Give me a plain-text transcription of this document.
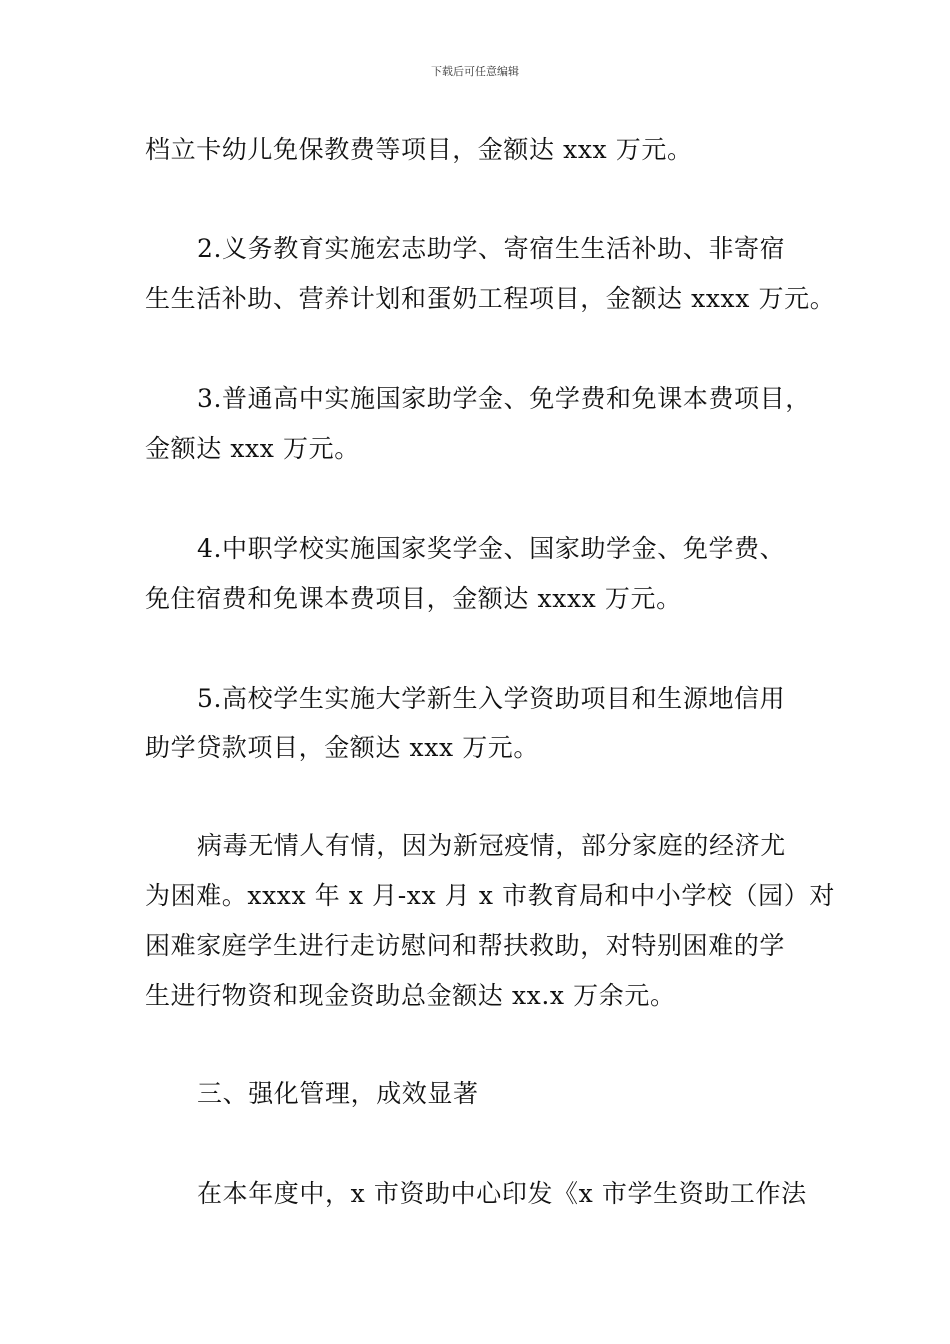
下载后可任意编辑
档立卡幼儿免保教费等项目，金额达 xxx 万元。
2.义务教育实施宏志助学、寄宿生生活补助、非寄宿
生生活补助、营养计划和蛋奶工程项目，金额达 xxxx 万元。
3.普通高中实施国家助学金、免学费和免课本费项目，
金额达 xxx 万元。
4.中职学校实施国家奖学金、国家助学金、免学费、
免住宿费和免课本费项目，金额达 xxxx 万元。
5.高校学生实施大学新生入学资助项目和生源地信用
助学贷款项目，金额达 xxx 万元。
病毒无情人有情，因为新冠疫情，部分家庭的经济尤
为困难。xxxx 年 x 月-xx 月 x 市教育局和中小学校（园）对
困难家庭学生进行走访慰问和帮扶救助，对特别困难的学
生进行物资和现金资助总金额达 xx.x 万余元。
三、强化管理，成效显著
在本年度中，x 市资助中心印发《x 市学生资助工作法
